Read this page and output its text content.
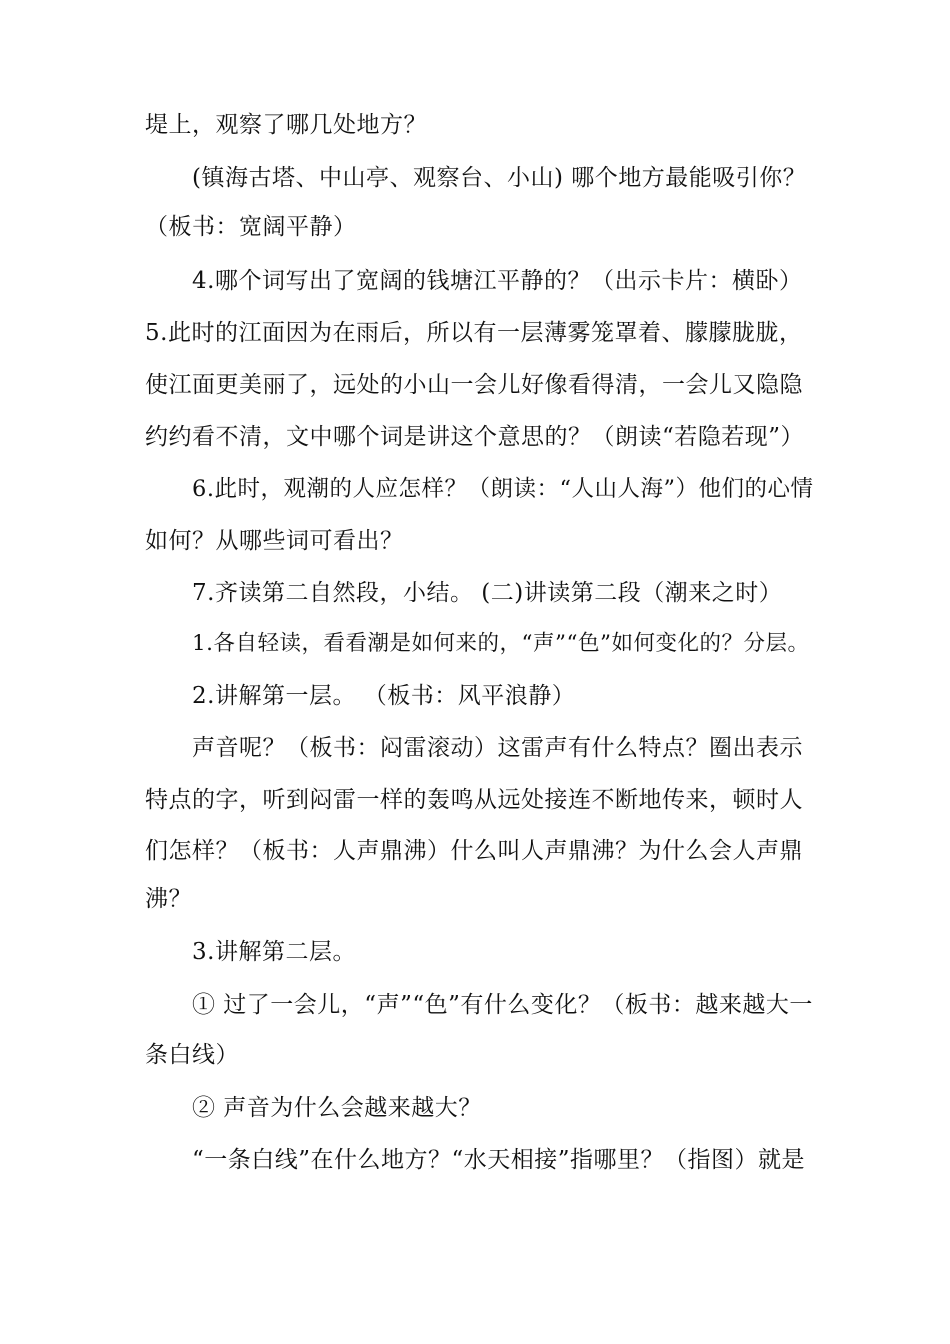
堤上，观察了哪几处地方？
(镇海古塔、中山亭、观察台、小山) 哪个地方最能吸引你？
（板书：宽阔平静）
4.哪个词写出了宽阔的钱塘江平静的？（出示卡片：横卧）
5.此时的江面因为在雨后，所以有一层薄雾笼罩着、朦朦胧胧，
使江面更美丽了，远处的小山一会儿好像看得清，一会儿又隐隐
约约看不清，文中哪个词是讲这个意思的？（朗读“若隐若现”）
6.此时，观潮的人应怎样？（朗读：“人山人海”）他们的心情
如何？从哪些词可看出？
7.齐读第二自然段，小结。 (二)讲读第二段（潮来之时）
1.各自轻读，看看潮是如何来的，“声”“色”如何变化的？分层。
2.讲解第一层。 （板书：风平浪静）
声音呢？（板书：闷雷滚动）这雷声有什么特点？圈出表示
特点的字，听到闷雷一样的轰鸣从远处接连不断地传来，顿时人
们怎样？（板书：人声鼎沸）什么叫人声鼎沸？为什么会人声鼎
沸？
3.讲解第二层。
① 过了一会儿，“声”“色”有什么变化？（板书：越来越大一
条白线）
② 声音为什么会越来越大？
“一条白线”在什么地方？“水天相接”指哪里？（指图）就是
